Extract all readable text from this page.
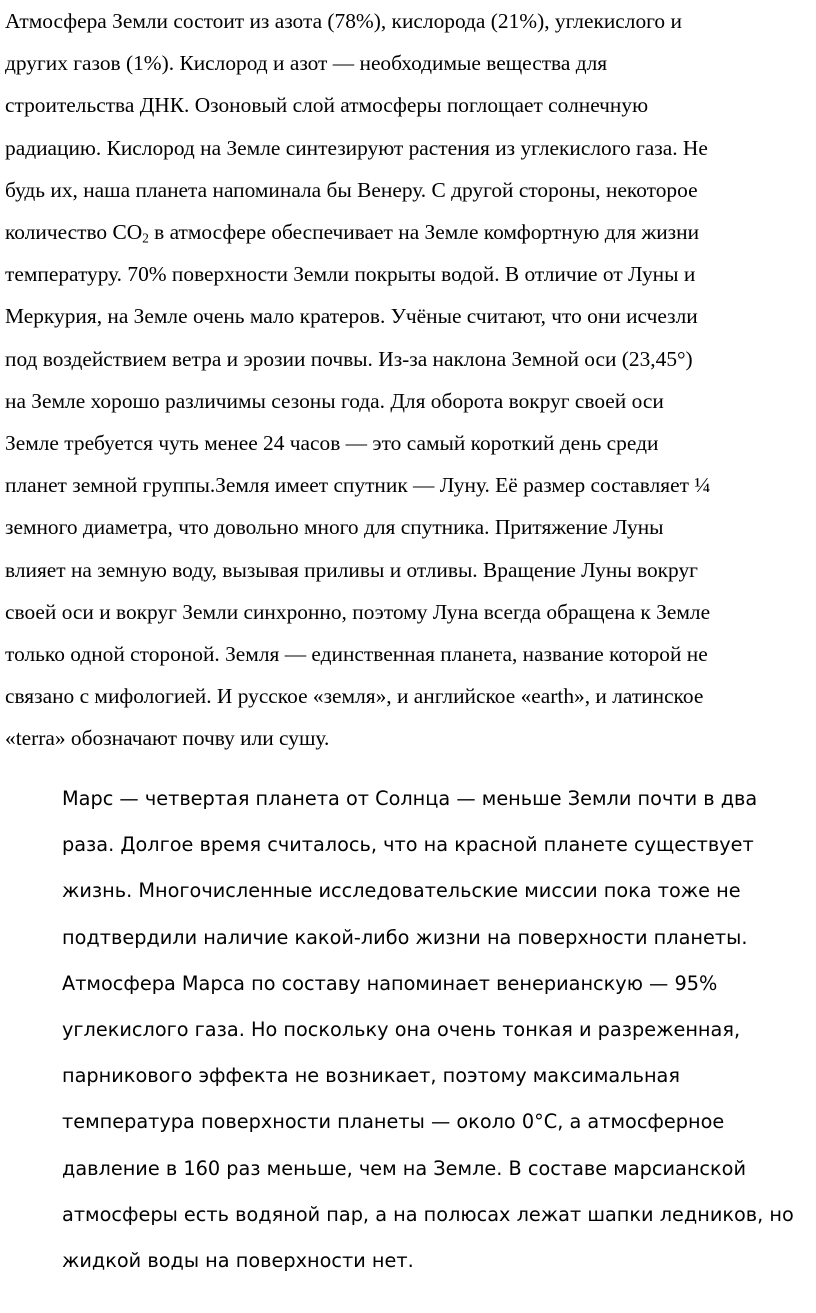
Атмосфера Земли состоит из азота (78%), кислорода (21%), углекислого и
других газов (1%). Кислород и азот — необходимые вещества для
строительства ДНК. Озоновый слой атмосферы поглощает солнечную
радиацию. Кислород на Земле синтезируют растения из углекислого газа. Не
будь их, наша планета напоминала бы Венеру. С другой стороны, некоторое
количество $СО_2$ в атмосфере обеспечивает на Земле комфортную для жизни
температуру. 70% поверхности Земли покрыты водой. В отличие от Луны и
Меркурия, на Земле очень мало кратеров. Учёные считают, что они исчезли
под воздействием ветра и эрозии почвы. Из-за наклона Земной оси (23,45°)
на Земле хорошо различимы сезоны года. Для оборота вокруг своей оси
Земле требуется чуть менее 24 часов — это самый короткий день среди
планет земной группы.Земля имеет спутник — Луну. Её размер составляет ¼
земного диаметра, что довольно много для спутника. Притяжение Луны
влияет на земную воду, вызывая приливы и отливы. Вращение Луны вокруг
своей оси и вокруг Земли синхронно, поэтому Луна всегда обращена к Земле
только одной стороной. Земля — единственная планета, название которой не
связано с мифологией. И русское «земля», и английское «earth», и латинское
«terra» обозначают почву или сушу.

Марс — четвертая планета от Солнца — меньше Земли почти в два
раза. Долгое время считалось, что на красной планете существует
жизнь. Многочисленные исследовательские миссии пока тоже не
подтвердили наличие какой-либо жизни на поверхности планеты.
Атмосфера Марса по составу напоминает венерианскую — 95%
углекислого газа. Но поскольку она очень тонкая и разреженная,
парникового эффекта не возникает, поэтому максимальная
температура поверхности планеты — около 0°С, а атмосферное
давление в 160 раз меньше, чем на Земле. В составе марсианской
атмосферы есть водяной пар, а на полюсах лежат шапки ледников, но
жидкой воды на поверхности нет.
